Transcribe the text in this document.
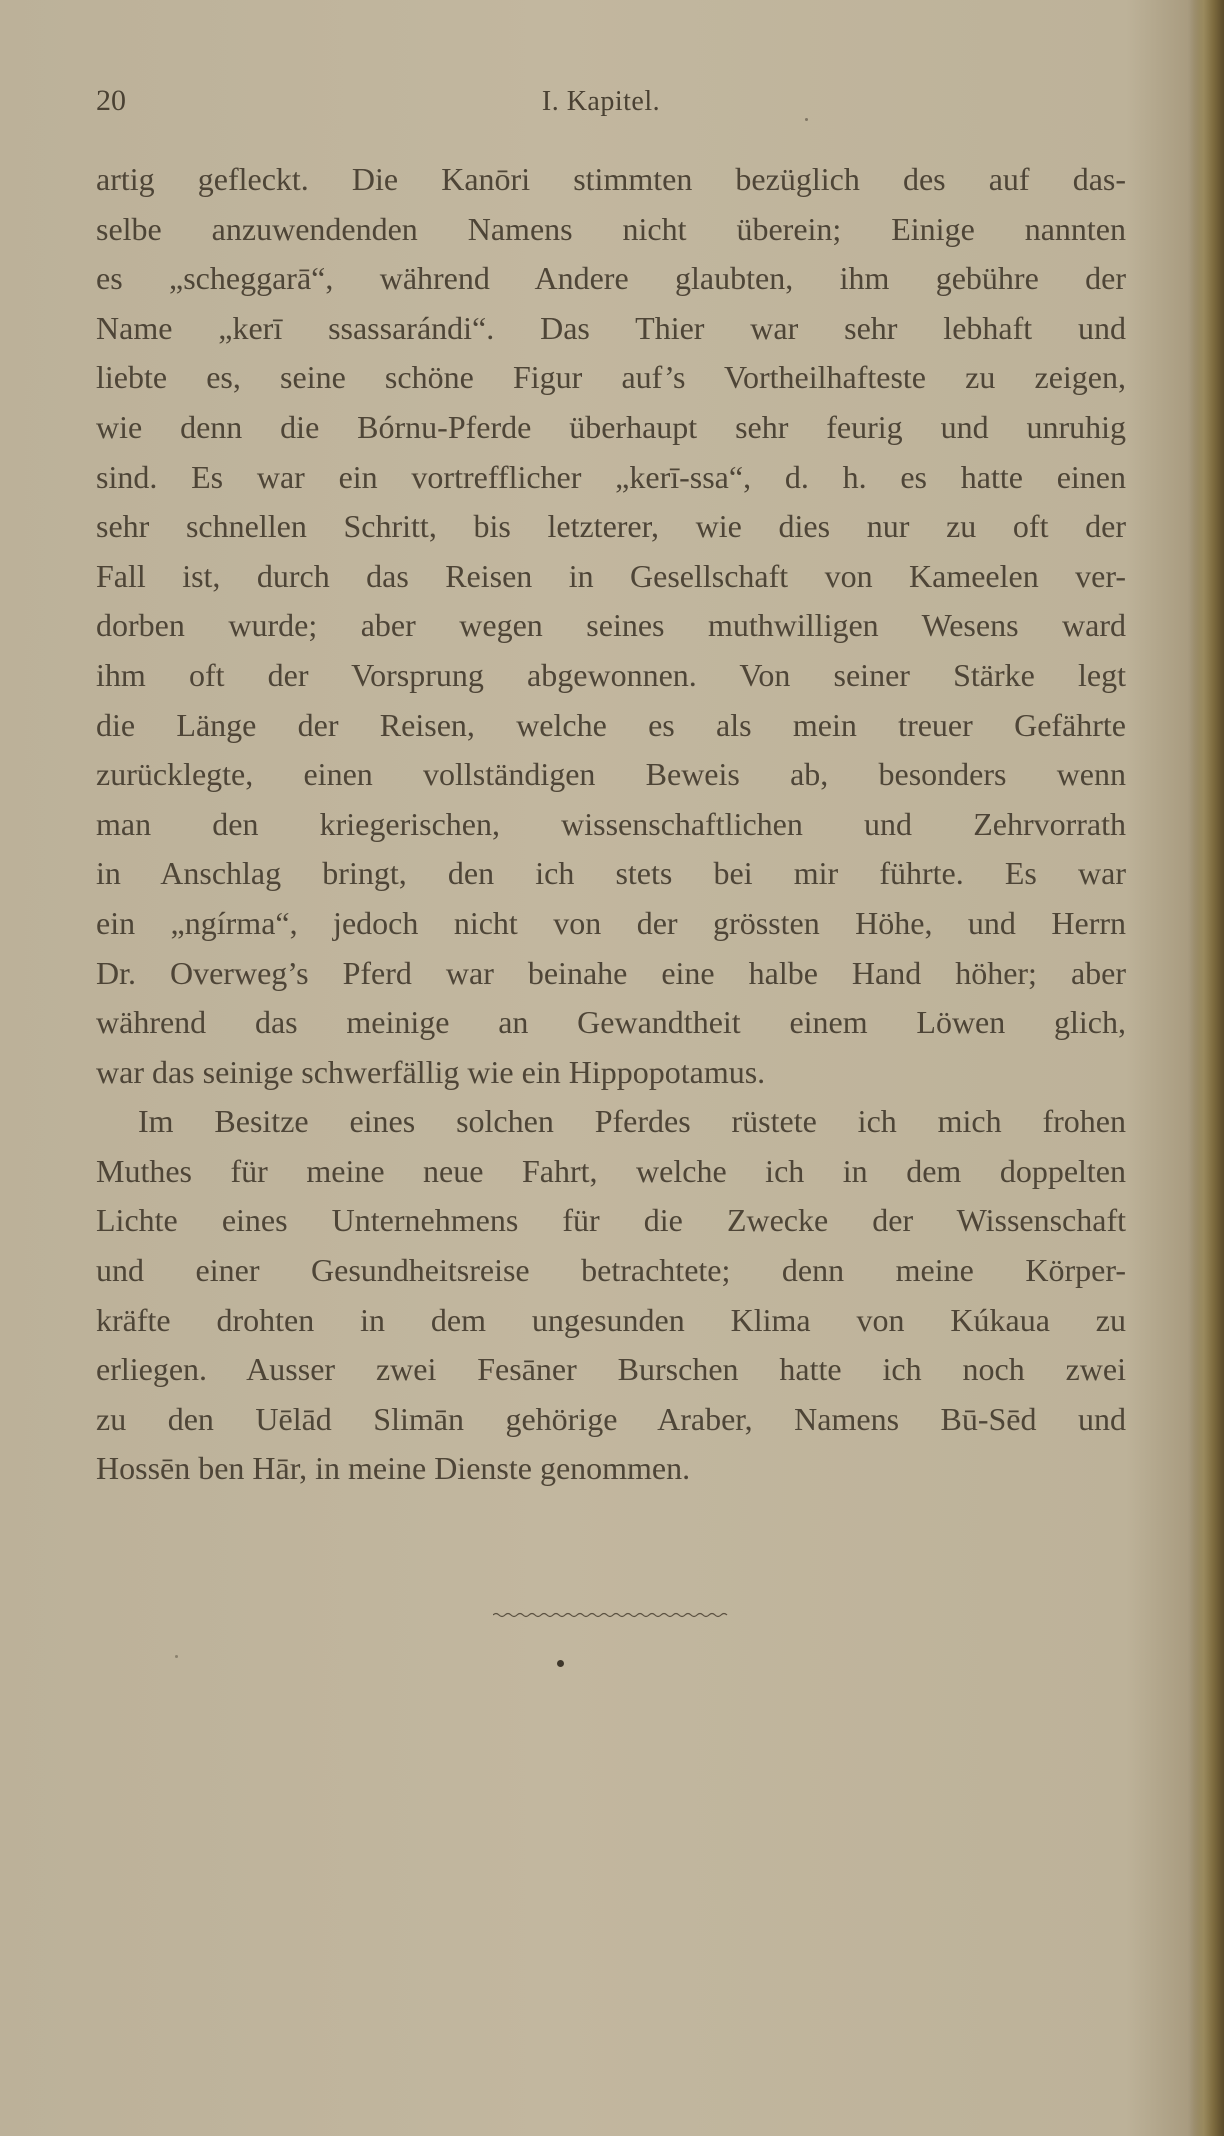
20	I. Kapitel.
artig gefleckt. Die Kanōri stimmten bezüglich des auf das-
selbe anzuwendenden Namens nicht überein; Einige nannten
es „scheggarā“, während Andere glaubten, ihm gebühre der
Name „kerī ssassarándi“. Das Thier war sehr lebhaft und
liebte es, seine schöne Figur auf’s Vortheilhafteste zu zeigen,
wie denn die Bórnu-Pferde überhaupt sehr feurig und unruhig
sind. Es war ein vortrefflicher „kerī-ssa“, d. h. es hatte einen
sehr schnellen Schritt, bis letzterer, wie dies nur zu oft der
Fall ist, durch das Reisen in Gesellschaft von Kameelen ver-
dorben wurde; aber wegen seines muthwilligen Wesens ward
ihm oft der Vorsprung abgewonnen. Von seiner Stärke legt
die Länge der Reisen, welche es als mein treuer Gefährte
zurücklegte, einen vollständigen Beweis ab, besonders wenn
man den kriegerischen, wissenschaftlichen und Zehrvorrath
in Anschlag bringt, den ich stets bei mir führte. Es war
ein „ngírma“, jedoch nicht von der grössten Höhe, und Herrn
Dr. Overweg’s Pferd war beinahe eine halbe Hand höher; aber
während das meinige an Gewandtheit einem Löwen glich,
war das seinige schwerfällig wie ein Hippopotamus.
Im Besitze eines solchen Pferdes rüstete ich mich frohen
Muthes für meine neue Fahrt, welche ich in dem doppelten
Lichte eines Unternehmens für die Zwecke der Wissenschaft
und einer Gesundheitsreise betrachtete; denn meine Körper-
kräfte drohten in dem ungesunden Klima von Kúkaua zu
erliegen. Ausser zwei Fesāner Burschen hatte ich noch zwei
zu den Uēlād Slimān gehörige Araber, Namens Bū-Sēd und
Hossēn ben Hār, in meine Dienste genommen.
